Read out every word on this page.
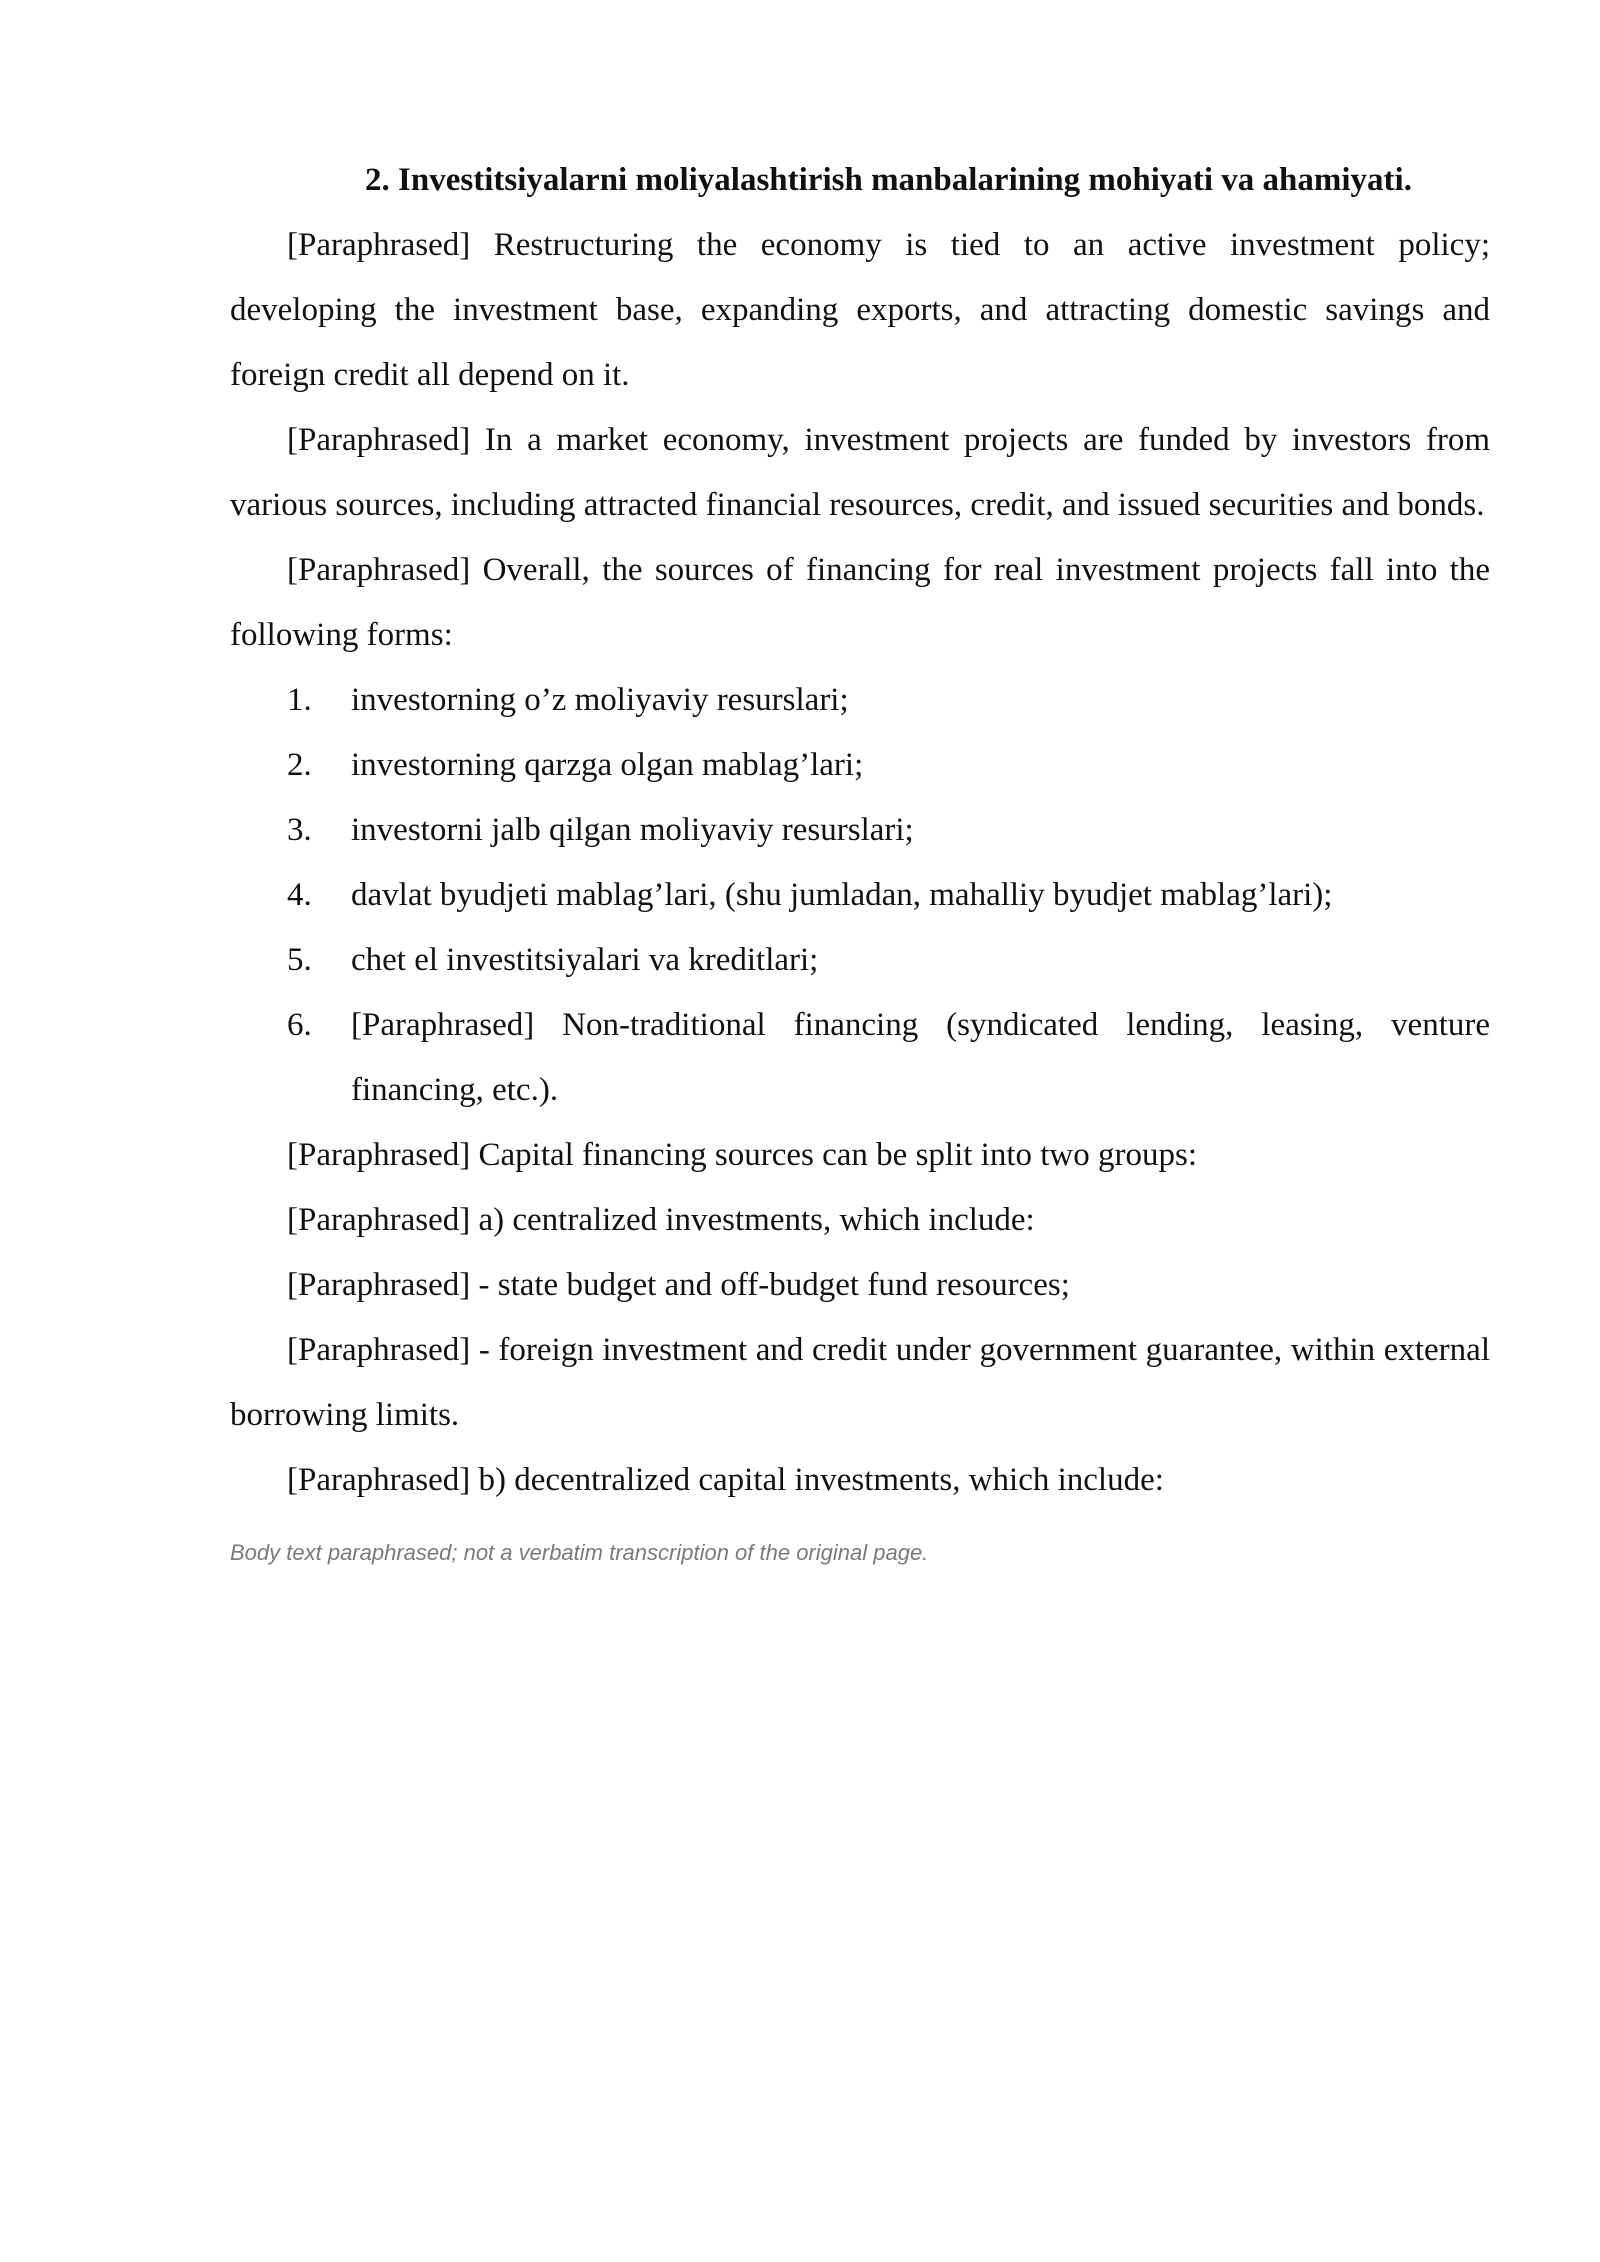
2. Investitsiyalarni moliyalashtirish manbalarining mohiyati va ahamiyati.

[Paraphrased] Restructuring the economy is tied to an active investment policy; developing the investment base, expanding exports, and attracting domestic savings and foreign credit all depend on it.

[Paraphrased] In a market economy, investment projects are funded by investors from various sources, including attracted financial resources, credit, and issued securities and bonds.

[Paraphrased] Overall, the sources of financing for real investment projects fall into the following forms:

1.	investorning o’z moliyaviy resurslari;
2.	investorning qarzga olgan mablag’lari;
3.	investorni jalb qilgan moliyaviy resurslari;
4.	davlat byudjeti mablag’lari, (shu jumladan, mahalliy byudjet mablag’lari);
5.	chet el investitsiyalari va kreditlari;
6.	[Paraphrased] Non-traditional financing (syndicated lending, leasing, venture financing, etc.).

[Paraphrased] Capital financing sources can be split into two groups:

[Paraphrased] a) centralized investments, which include:

[Paraphrased] - state budget and off-budget fund resources;

[Paraphrased] - foreign investment and credit under government guarantee, within external borrowing limits.

[Paraphrased] b) decentralized capital investments, which include:

Body text paraphrased; not a verbatim transcription of the original page.
